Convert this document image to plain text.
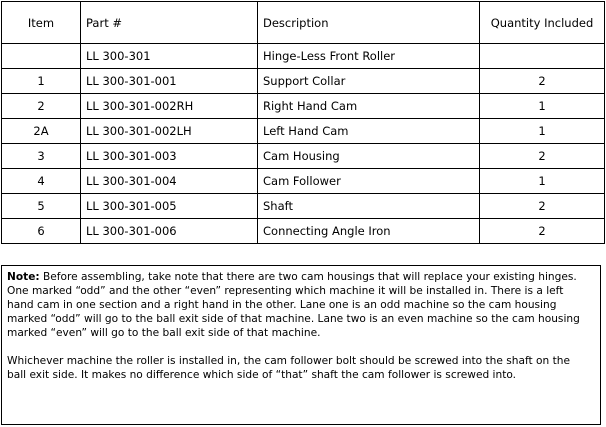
Item	Part #	Description	Quantity Included
	LL 300-301	Hinge-Less Front Roller	
1	LL 300-301-001	Support Collar	2
2	LL 300-301-002RH	Right Hand Cam	1
2A	LL 300-301-002LH	Left Hand Cam	1
3	LL 300-301-003	Cam Housing	2
4	LL 300-301-004	Cam Follower	1
5	LL 300-301-005	Shaft	2
6	LL 300-301-006	Connecting Angle Iron	2

Note: Before assembling, take note that there are two cam housings that will replace your existing hinges. One marked “odd” and the other “even” representing which machine it will be installed in. There is a left hand cam in one section and a right hand in the other. Lane one is an odd machine so the cam housing marked “odd” will go to the ball exit side of that machine. Lane two is an even machine so the cam housing marked “even” will go to the ball exit side of that machine.

Whichever machine the roller is installed in, the cam follower bolt should be screwed into the shaft on the ball exit side. It makes no difference which side of “that” shaft the cam follower is screwed into.
